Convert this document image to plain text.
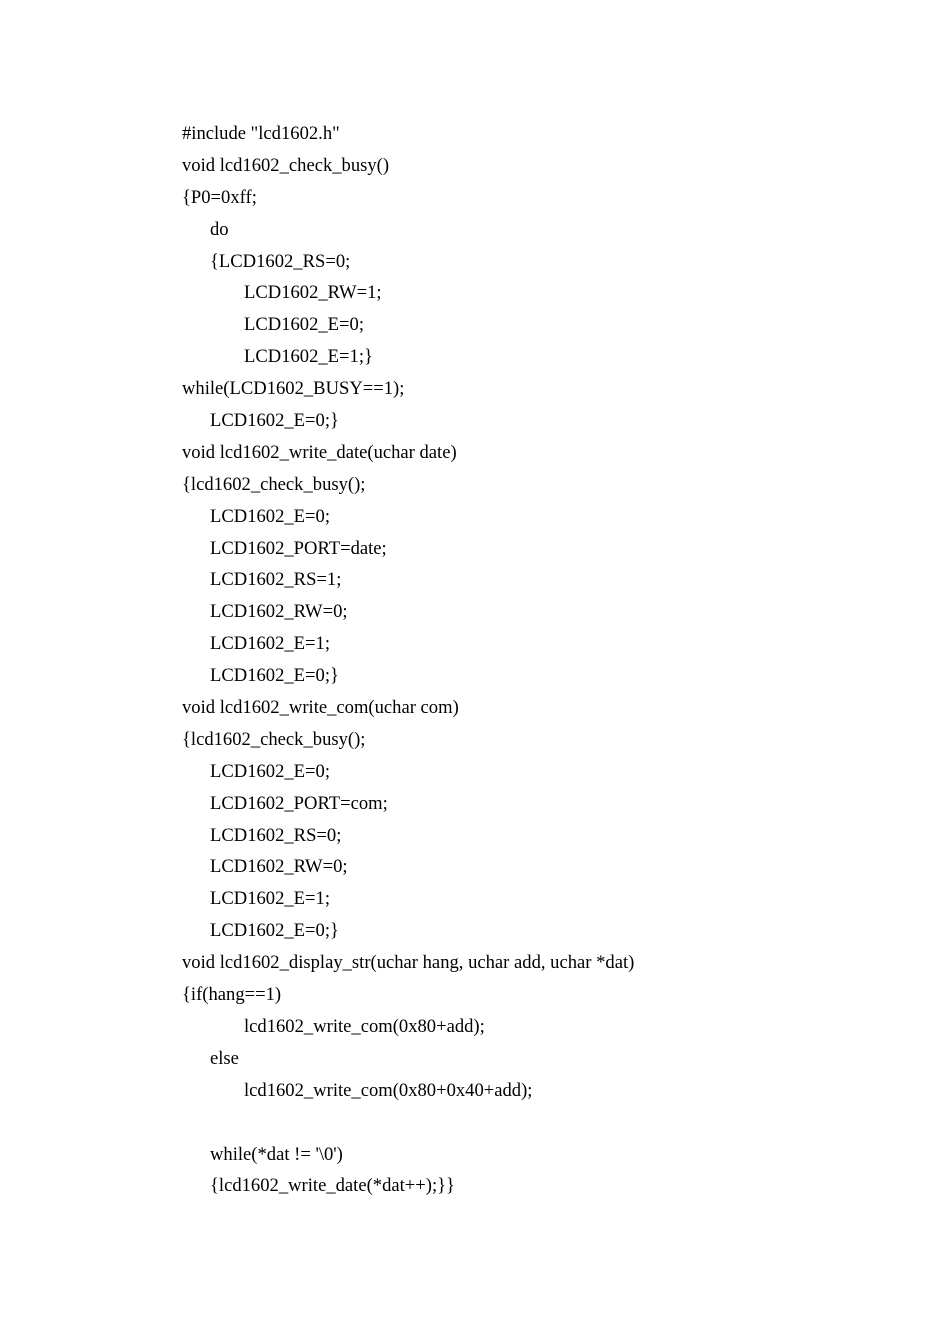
#include "lcd1602.h"
void lcd1602_check_busy()
{P0=0xff;
do
{LCD1602_RS=0;
LCD1602_RW=1;
LCD1602_E=0;
LCD1602_E=1;}
while(LCD1602_BUSY==1);
LCD1602_E=0;}
void lcd1602_write_date(uchar date)
{lcd1602_check_busy();
LCD1602_E=0;
LCD1602_PORT=date;
LCD1602_RS=1;
LCD1602_RW=0;
LCD1602_E=1;
LCD1602_E=0;}
void lcd1602_write_com(uchar com)
{lcd1602_check_busy();
LCD1602_E=0;
LCD1602_PORT=com;
LCD1602_RS=0;
LCD1602_RW=0;
LCD1602_E=1;
LCD1602_E=0;}
void lcd1602_display_str(uchar hang, uchar add, uchar *dat)
{if(hang==1)
lcd1602_write_com(0x80+add);
else
lcd1602_write_com(0x80+0x40+add);
while(*dat != '\0')
{lcd1602_write_date(*dat++);}}
